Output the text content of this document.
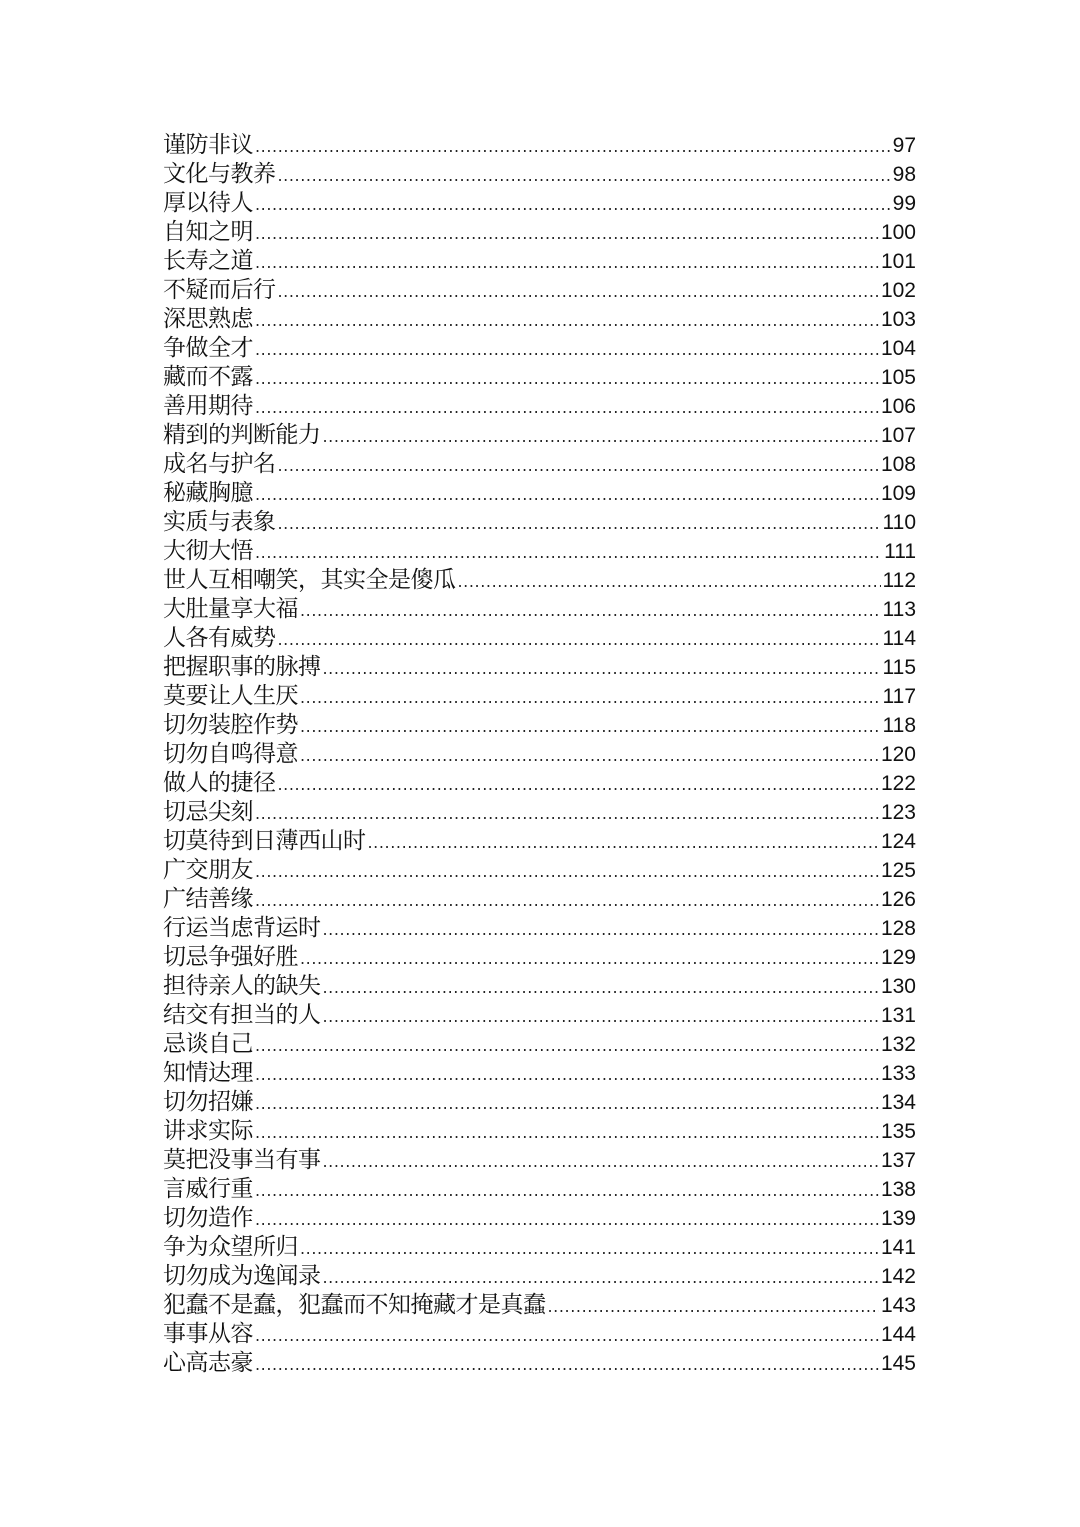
谨防非议 .....	97
文化与教养 .....	98
厚以待人 .....	99
自知之明 .....	100
长寿之道 .....	101
不疑而后行 .....	102
深思熟虑 .....	103
争做全才 .....	104
藏而不露 .....	105
善用期待 .....	106
精到的判断能力 .....	107
成名与护名 .....	108
秘藏胸臆 .....	109
实质与表象 .....	110
大彻大悟 .....	111
世人互相嘲笑，其实全是傻瓜 .....	112
大肚量享大福 .....	113
人各有威势 .....	114
把握职事的脉搏 .....	115
莫要让人生厌 .....	117
切勿装腔作势 .....	118
切勿自鸣得意 .....	120
做人的捷径 .....	122
切忌尖刻 .....	123
切莫待到日薄西山时 .....	124
广交朋友 .....	125
广结善缘 .....	126
行运当虑背运时 .....	128
切忌争强好胜 .....	129
担待亲人的缺失 .....	130
结交有担当的人 .....	131
忌谈自己 .....	132
知情达理 .....	133
切勿招嫌 .....	134
讲求实际 .....	135
莫把没事当有事 .....	137
言威行重 .....	138
切勿造作 .....	139
争为众望所归 .....	141
切勿成为逸闻录 .....	142
犯蠢不是蠢，犯蠢而不知掩藏才是真蠢 .....	143
事事从容 .....	144
心高志豪 .....	145
